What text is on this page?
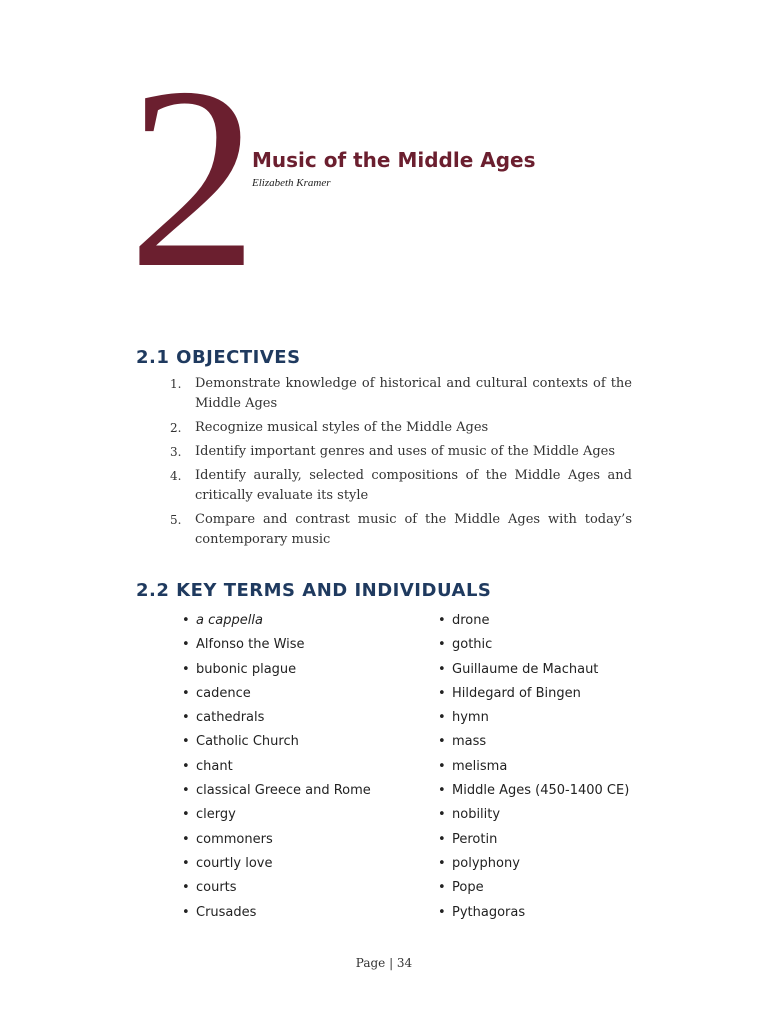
2 Music of the Middle Ages
Elizabeth Kramer
2.1 OBJECTIVES
1. Demonstrate knowledge of historical and cultural contexts of the Middle Ages
2. Recognize musical styles of the Middle Ages
3. Identify important genres and uses of music of the Middle Ages
4. Identify aurally, selected compositions of the Middle Ages and critically evaluate its style
5. Compare and contrast music of the Middle Ages with today’s contemporary music
2.2 KEY TERMS AND INDIVIDUALS
• a cappella
• Alfonso the Wise
• bubonic plague
• cadence
• cathedrals
• Catholic Church
• chant
• classical Greece and Rome
• clergy
• commoners
• courtly love
• courts
• Crusades
• drone
• gothic
• Guillaume de Machaut
• Hildegard of Bingen
• hymn
• mass
• melisma
• Middle Ages (450-1400 CE)
• nobility
• Perotin
• polyphony
• Pope
• Pythagoras
Page | 34
